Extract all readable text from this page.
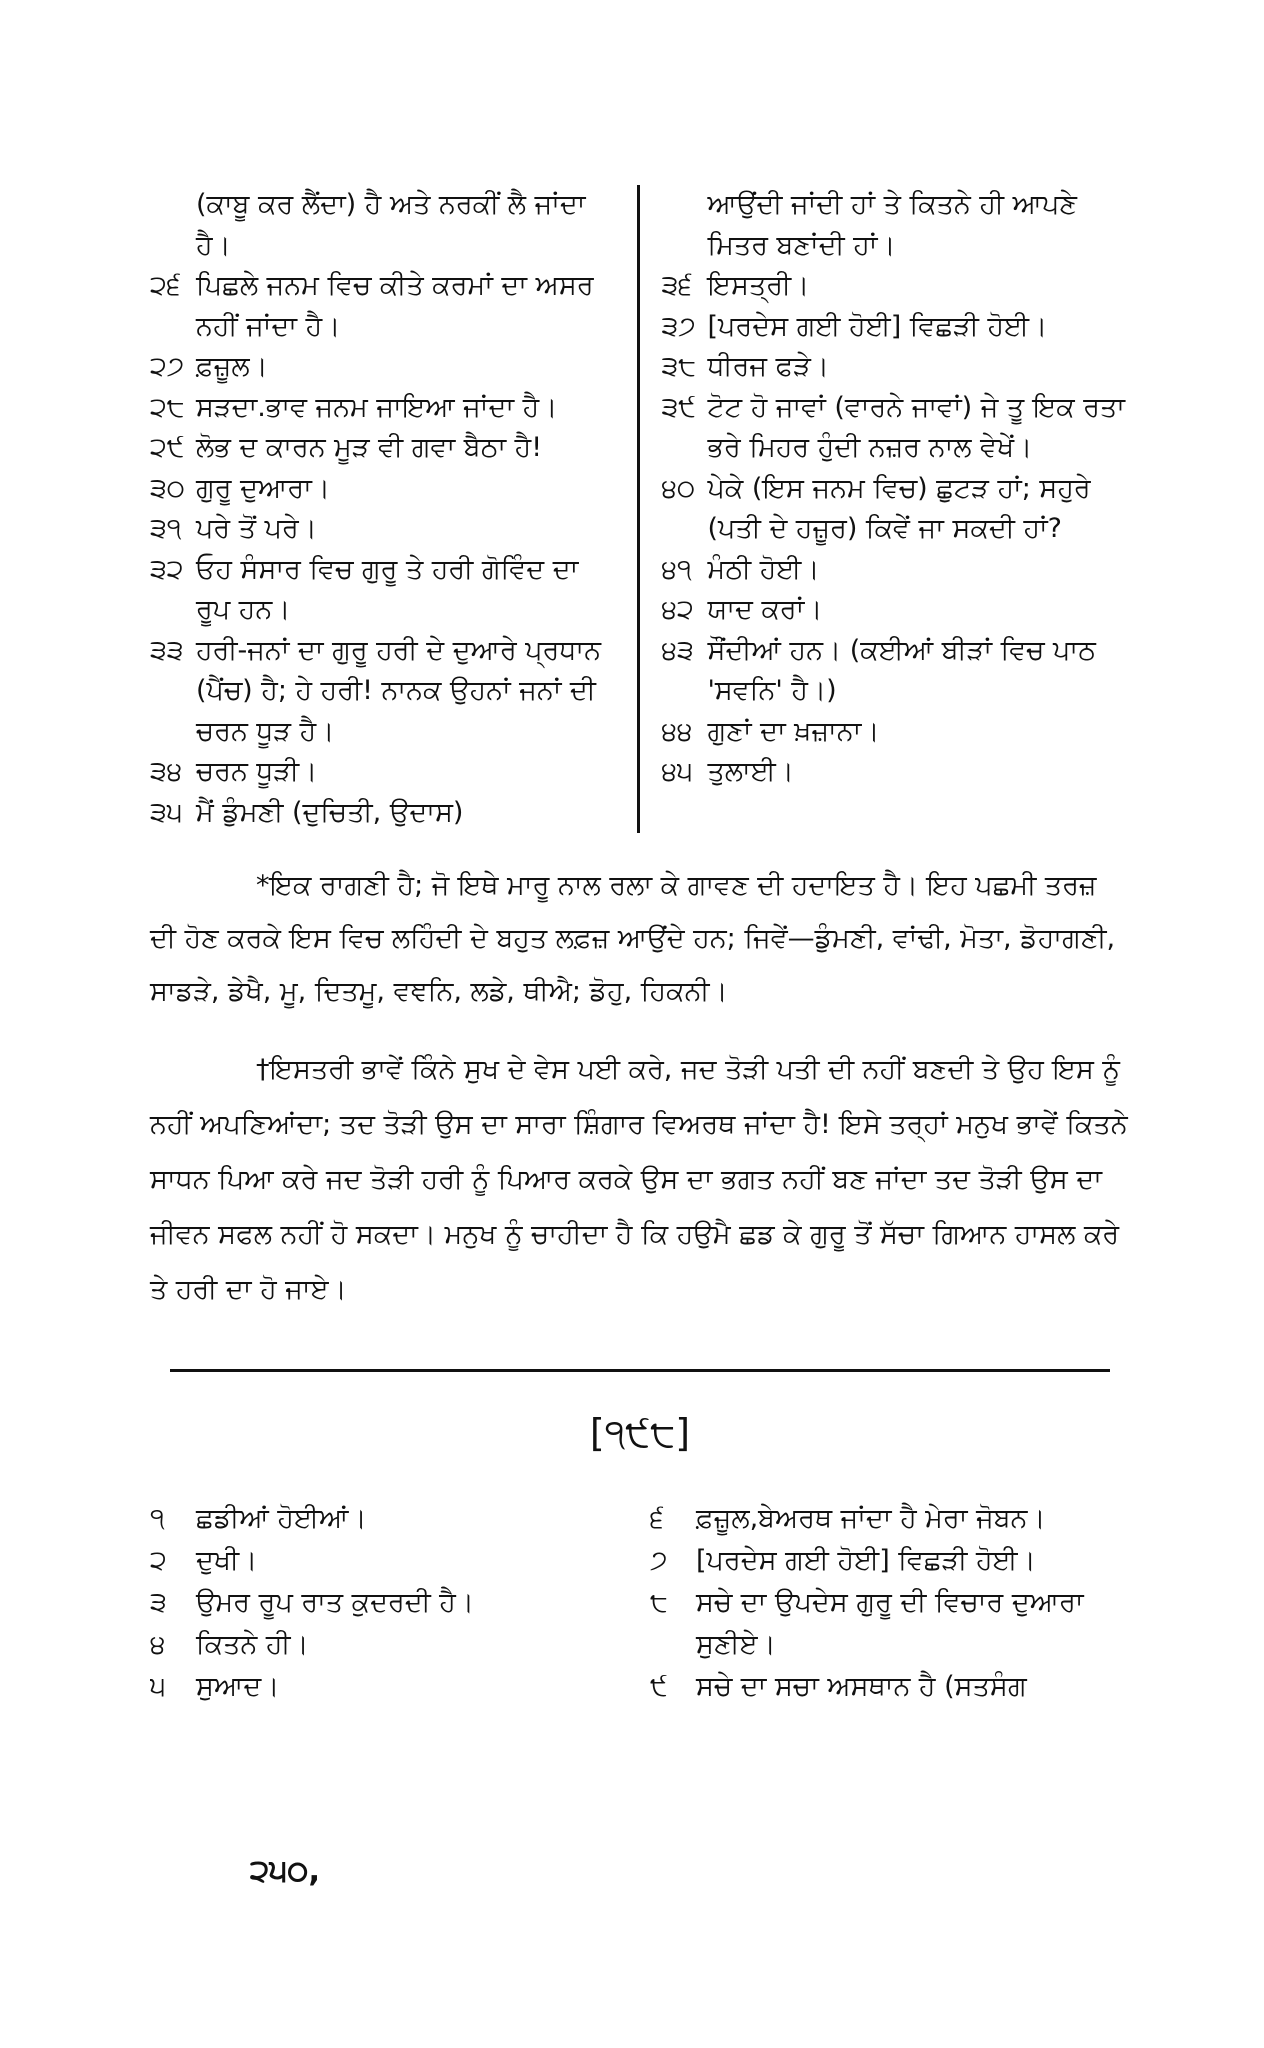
(ਕਾਬੂ ਕਰ ਲੈਂਦਾ) ਹੈ ਅਤੇ ਨਰਕੀਂ ਲੈ ਜਾਂਦਾ ਹੈ।
੨੬ ਪਿਛਲੇ ਜਨਮ ਵਿਚ ਕੀਤੇ ਕਰਮਾਂ ਦਾ ਅਸਰ ਨਹੀਂ ਜਾਂਦਾ ਹੈ।
੨੭ ਫ਼ਜ਼ੂਲ।
੨੮ ਸੜਦਾ.ਭਾਵ ਜਨਮ ਜਾਇਆ ਜਾਂਦਾ ਹੈ।
੨੯ ਲੋਭ ਦ ਕਾਰਨ ਮੂੜ ਵੀ ਗਵਾ ਬੈਠਾ ਹੈ!
੩੦ ਗੁਰੂ ਦੁਆਰਾ।
੩੧ ਪਰੇ ਤੋਂ ਪਰੇ।
੩੨ ਓਹ ਸੰਸਾਰ ਵਿਚ ਗੁਰੂ ਤੇ ਹਰੀ ਗੋਵਿੰਦ ਦਾ ਰੂਪ ਹਨ।
੩੩ ਹਰੀ-ਜਨਾਂ ਦਾ ਗੁਰੂ ਹਰੀ ਦੇ ਦੁਆਰੇ ਪ੍ਰਧਾਨ (ਪੈਂਚ) ਹੈ; ਹੇ ਹਰੀ! ਨਾਨਕ ਉਹਨਾਂ ਜਨਾਂ ਦੀ ਚਰਨ ਧੂੜ ਹੈ।
੩੪ ਚਰਨ ਧੂੜੀ।
੩੫ ਮੈਂ ਡੁੰਮਣੀ (ਦੁਚਿਤੀ, ਉਦਾਸ)
ਆਉਂਦੀ ਜਾਂਦੀ ਹਾਂ ਤੇ ਕਿਤਨੇ ਹੀ ਆਪਣੇ ਮਿਤਰ ਬਣਾਂਦੀ ਹਾਂ।
੩੬ ਇਸਤ੍ਰੀ।
੩੭ [ਪਰਦੇਸ ਗਈ ਹੋਈ] ਵਿਛੜੀ ਹੋਈ।
੩੮ ਧੀਰਜ ਫੜੇ।
੩੯ ਟੋਟ ਹੋ ਜਾਵਾਂ (ਵਾਰਨੇ ਜਾਵਾਂ) ਜੇ ਤੂ ਇਕ ਰਤਾ ਭਰੇ ਮਿਹਰ ਹੁੰਦੀ ਨਜ਼ਰ ਨਾਲ ਵੇਖੇਂ।
੪੦ ਪੇਕੇ (ਇਸ ਜਨਮ ਵਿਚ) ਛੁਟੜ ਹਾਂ; ਸਹੁਰੇ (ਪਤੀ ਦੇ ਹਜ਼ੂਰ) ਕਿਵੇਂ ਜਾ ਸਕਦੀ ਹਾਂ?
੪੧ ਮੰਠੀ ਹੋਈ।
੪੨ ਯਾਦ ਕਰਾਂ।
੪੩ ਸੌਂਦੀਆਂ ਹਨ। (ਕਈਆਂ ਬੀੜਾਂ ਵਿਚ ਪਾਠ 'ਸਵਨਿ' ਹੈ।)
੪੪ ਗੁਣਾਂ ਦਾ ਖ਼ਜ਼ਾਨਾ।
੪੫ ਤੁਲਾਈ।

*ਇਕ ਰਾਗਣੀ ਹੈ; ਜੋ ਇਥੇ ਮਾਰੂ ਨਾਲ ਰਲਾ ਕੇ ਗਾਵਣ ਦੀ ਹਦਾਇਤ ਹੈ। ਇਹ ਪਛਮੀ ਤਰਜ਼ ਦੀ ਹੋਣ ਕਰਕੇ ਇਸ ਵਿਚ ਲਹਿੰਦੀ ਦੇ ਬਹੁਤ ਲਫ਼ਜ਼ ਆਉਂਦੇ ਹਨ; ਜਿਵੇਂ—ਡੁੰਮਣੀ, ਵਾਂਢੀ, ਮੋਤਾ, ਡੋਹਾਗਣੀ, ਸਾਡੜੇ, ਡੇਖੈ, ਮੂ, ਦਿਤਮੂ, ਵਞਨਿ, ਲਡੇ, ਥੀਐ; ਡੋਹੁ, ਹਿਕਨੀ।

†ਇਸਤਰੀ ਭਾਵੇਂ ਕਿੰਨੇ ਸੁਖ ਦੇ ਵੇਸ ਪਈ ਕਰੇ, ਜਦ ਤੋੜੀ ਪਤੀ ਦੀ ਨਹੀਂ ਬਣਦੀ ਤੇ ਉਹ ਇਸ ਨੂੰ ਨਹੀਂ ਅਪਣਿਆਂਦਾ; ਤਦ ਤੋੜੀ ਉਸ ਦਾ ਸਾਰਾ ਸ਼ਿੰਗਾਰ ਵਿਅਰਥ ਜਾਂਦਾ ਹੈ! ਇਸੇ ਤਰ੍ਹਾਂ ਮਨੁਖ ਭਾਵੇਂ ਕਿਤਨੇ ਸਾਧਨ ਪਿਆ ਕਰੇ ਜਦ ਤੋੜੀ ਹਰੀ ਨੂੰ ਪਿਆਰ ਕਰਕੇ ਉਸ ਦਾ ਭਗਤ ਨਹੀਂ ਬਣ ਜਾਂਦਾ ਤਦ ਤੋੜੀ ਉਸ ਦਾ ਜੀਵਨ ਸਫਲ ਨਹੀਂ ਹੋ ਸਕਦਾ। ਮਨੁਖ ਨੂੰ ਚਾਹੀਦਾ ਹੈ ਕਿ ਹਉਮੈ ਛਡ ਕੇ ਗੁਰੂ ਤੋਂ ਸੱਚਾ ਗਿਆਨ ਹਾਸਲ ਕਰੇ ਤੇ ਹਰੀ ਦਾ ਹੋ ਜਾਏ।

[੧੯੮]
੧	ਛਡੀਆਂ ਹੋਈਆਂ।
੨	ਦੁਖੀ।
੩	ਉਮਰ ਰੂਪ ਰਾਤ ਕੁਦਰਦੀ ਹੈ।
੪	ਕਿਤਨੇ ਹੀ।
੫	ਸੁਆਦ।
੬	ਫ਼ਜ਼ੂਲ,ਬੇਅਰਥ ਜਾਂਦਾ ਹੈ ਮੇਰਾ ਜੋਬਨ।
੭	[ਪਰਦੇਸ ਗਈ ਹੋਈ] ਵਿਛੜੀ ਹੋਈ।
੮	ਸਚੇ ਦਾ ਉਪਦੇਸ ਗੁਰੂ ਦੀ ਵਿਚਾਰ ਦੁਆਰਾ ਸੁਣੀਏ।
੯	ਸਚੇ ਦਾ ਸਚਾ ਅਸਥਾਨ ਹੈ (ਸਤਸੰਗ
੨੫੦,
